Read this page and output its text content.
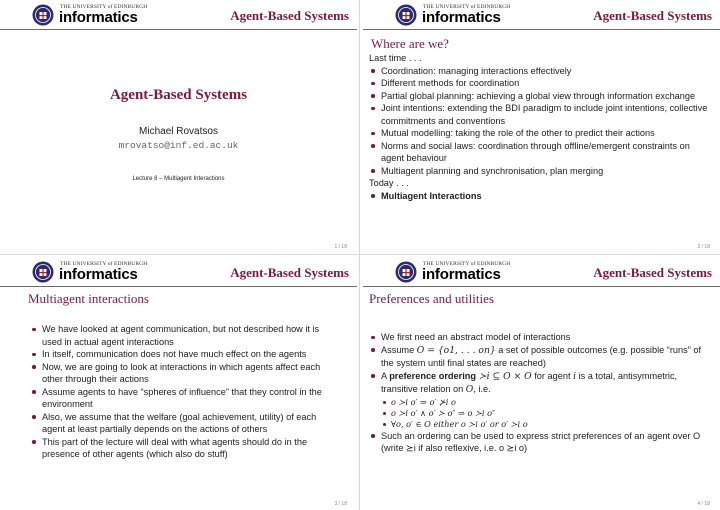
THE UNIVERSITY of EDINBURGH
informatics	Agent-Based Systems
Agent-Based Systems
Michael Rovatsos
mrovatso@inf.ed.ac.uk
Lecture 8 – Multiagent Interactions
1 / 18
THE UNIVERSITY of EDINBURGH
informatics	Agent-Based Systems
Where are we?
Last time . . .
Coordination: managing interactions effectively
Different methods for coordination
Partial global planning: achieving a global view through information exchange
Joint intentions: extending the BDI paradigm to include joint intentions, collective commitments and conventions
Mutual modelling: taking the role of the other to predict their actions
Norms and social laws: coordination through offline/emergent constraints on agent behaviour
Multiagent planning and synchronisation, plan merging
Today . . .
Multiagent Interactions
2 / 18
THE UNIVERSITY of EDINBURGH
informatics	Agent-Based Systems
Multiagent interactions
We have looked at agent communication, but not described how it is used in actual agent interactions
In itself, communication does not have much effect on the agents
Now, we are going to look at interactions in which agents affect each other through their actions
Assume agents to have “spheres of influence” that they control in the environment
Also, we assume that the welfare (goal achievement, utility) of each agent at least partially depends on the actions of others
This part of the lecture will deal with what agents should do in the presence of other agents (which also do stuff)
3 / 18
THE UNIVERSITY of EDINBURGH
informatics	Agent-Based Systems
Preferences and utilities
We first need an abstract model of interactions
Assume O = {o1, . . . on} a set of possible outcomes (e.g. possible “runs” of the system until final states are reached)
A preference ordering ≻i ⊆ O × O for agent i is a total, antisymmetric, transitive relation on O, i.e.
o ≻i o′ ⇒ o′ ⊁i o
o ≻i o′ ∧ o′ ≻ o″ ⇒ o ≻i o″
∀o, o′ ∈ O either o ≻i o′ or o′ ≻i o
Such an ordering can be used to express strict preferences of an agent over O (write ⪰i if also reflexive, i.e. o ⪰i o)
4 / 18
